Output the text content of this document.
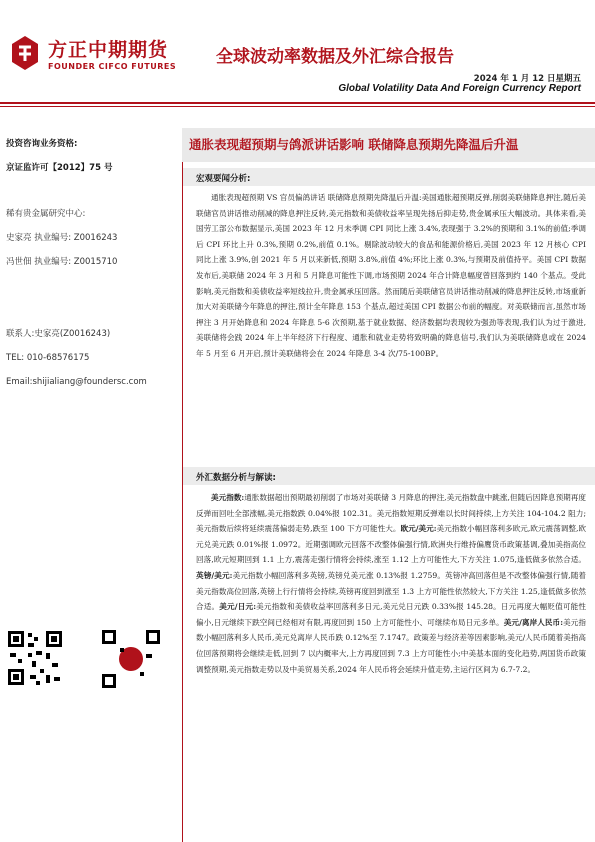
方正中期期货
FOUNDER CIFCO FUTURES 全球波动率数据及外汇综合报告
2024 年 1 月 12 日星期五
Global Volatility Data And Foreign Currency Report
投资咨询业务资格:
京证监许可【2012】75 号
稀有贵金属研究中心:
史家亮 执业编号: Z0016243
冯世佃 执业编号: Z0015710
联系人:史家亮(Z0016243)
TEL: 010-68576175
Email:shijialiang@foundersc.com
通胀表现超预期与鸽派讲话影响 联储降息预期先降温后升温
宏观要闻分析:

通胀表现超预期 VS 官员偏鸽讲话 联储降息预期先降温后升温:美国通胀超预期反弹,削弱美联储降息押注,随后美联储官员讲话推动削减的降息押注反转,美元指数和美债收益率呈现先扬后抑走势,贵金属承压大幅波动。具体来看,美国劳工部公布数据显示,美国 2023 年 12 月未季调 CPI 同比上涨 3.4%,表现强于 3.2%的预期和 3.1%的前值;季调后 CPI 环比上升 0.3%,预期 0.2%,前值 0.1%。剔除波动较大的食品和能源价格后,美国 2023 年 12 月核心 CPI 同比上涨 3.9%,创 2021 年 5 月以来新低,预期 3.8%,前值 4%;环比上涨 0.3%,与预期及前值持平。美国 CPI 数据发布后,美联储 2024 年 3 月和 5 月降息可能性下调,市场预期 2024 年合计降息幅度曾回落到约 140 个基点。受此影响,美元指数和美债收益率短线拉升,贵金属承压回落。然而随后美联储官员讲话推动削减的降息押注反转,市场重新加大对美联储今年降息的押注,预计全年降息 153 个基点,超过美国 CPI 数据公布前的幅度。对美联储而言,虽然市场押注 3 月开始降息和 2024 年降息 5-6 次预期,基于就业数据、经济数据均表现较为强劲等表现,我们认为过于激进,美联储将会践 2024 年上半年经济下行程度、通胀和就业走势将致明确的降息信号,我们认为美联储降息或在 2024 年 5 月至 6 月开启,预计美联储将会在 2024 年降息 3-4 次/75-100BP。

外汇数据分析与解读:

美元指数:通胀数据超出预期最初削弱了市场对美联储 3 月降息的押注,美元指数盘中跳涨,但随后因降息预期再度反弹而回吐全部涨幅,美元指数跌 0.04%报 102.31。美元指数短期反弹难以长时间持续,上方关注 104-104.2 阻力;美元指数后续将延续震荡偏弱走势,跌至 100 下方可能性大。欧元/美元:美元指数小幅回落利多欧元,欧元震荡调整,欧元兑美元跌 0.01%报 1.0972。近期强调欧元回落不改整体偏强行情,欧洲央行维持偏鹰货币政策基调,叠加美指高位回落,欧元短期回到 1.1 上方,震荡走强行情将会持续,涨至 1.12 上方可能性大,下方关注 1.075,逢低做多依然合适。英镑/美元:美元指数小幅回落利多英镑,英镑兑美元涨 0.13%报 1.2759。英镑冲高回落但是不改整体偏强行情,随着美元指数高位回落,英镑上行行情将会持续,英镑再度回到涨至 1.3 上方可能性依然较大,下方关注 1.25,逢低做多依然合适。美元/日元:美元指数和美债收益率回落利多日元,美元兑日元跌 0.33%报 145.28。日元再度大幅贬值可能性偏小,日元继续下跌空间已经相对有限,再度回到 150 上方可能性小、可继续布局日元多单。美元/离岸人民币:美元指数小幅回落利多人民币,美元兑离岸人民币跌 0.12%至 7.1747。政策差与经济差等因素影响,美元/人民币随着美指高位回落预期将会继续走低,回到 7 以内概率大,上方再度回到 7.3 上方可能性小;中美基本面的变化趋势,两国货币政策调整预期,美元指数走势以及中美贸易关系,2024 年人民币将会延续升值走势,主运行区间为 6.7-7.2。
